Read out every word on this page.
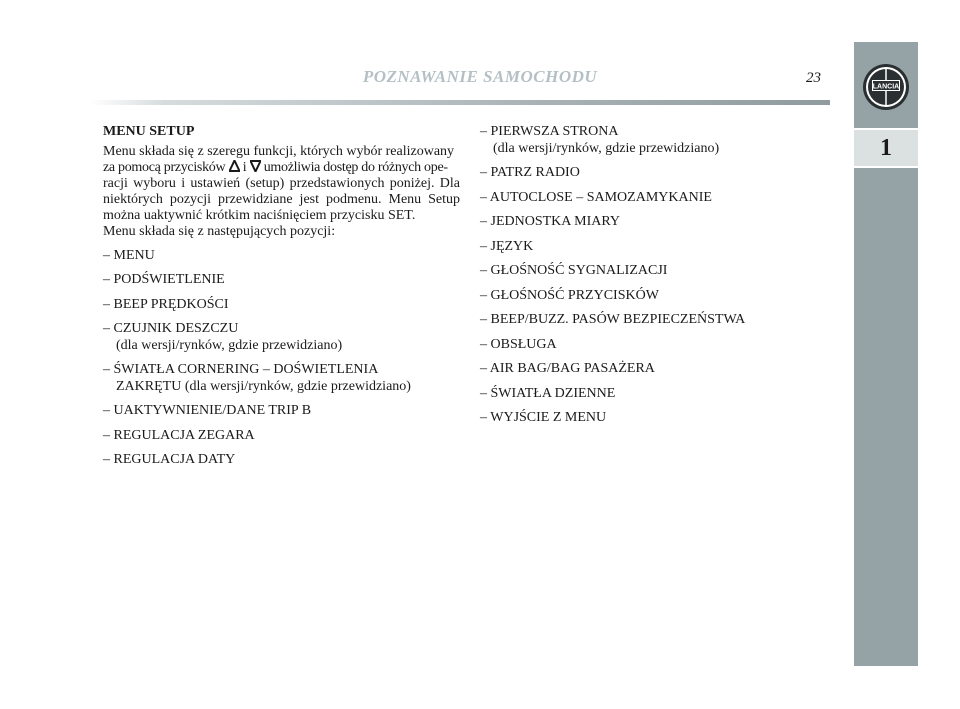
POZNAWANIE SAMOCHODU	23
LANCIA
1
MENU SETUP
Menu składa się z szeregu funkcji, których wybór realizowany
za pomocą przycisków i umożliwia dostęp do różnych ope-
racji wyboru i ustawień (setup) przedstawionych poniżej. Dla niektórych pozycji przewidziane jest podmenu. Menu Setup można uaktywnić krótkim naciśnięciem przycisku SET.
Menu składa się z następujących pozycji:
– MENU
– PODŚWIETLENIE
– BEEP PRĘDKOŚCI
– CZUJNIK DESZCZU
(dla wersji/rynków, gdzie przewidziano)
– ŚWIATŁA CORNERING – DOŚWIETLENIA
ZAKRĘTU (dla wersji/rynków, gdzie przewidziano)
– UAKTYWNIENIE/DANE TRIP B
– REGULACJA ZEGARA
– REGULACJA DATY
– PIERWSZA STRONA
(dla wersji/rynków, gdzie przewidziano)
– PATRZ RADIO
– AUTOCLOSE – SAMOZAMYKANIE
– JEDNOSTKA MIARY
– JĘZYK
– GŁOŚNOŚĆ SYGNALIZACJI
– GŁOŚNOŚĆ PRZYCISKÓW
– BEEP/BUZZ. PASÓW BEZPIECZEŃSTWA
– OBSŁUGA
– AIR BAG/BAG PASAŻERA
– ŚWIATŁA DZIENNE
– WYJŚCIE Z MENU
